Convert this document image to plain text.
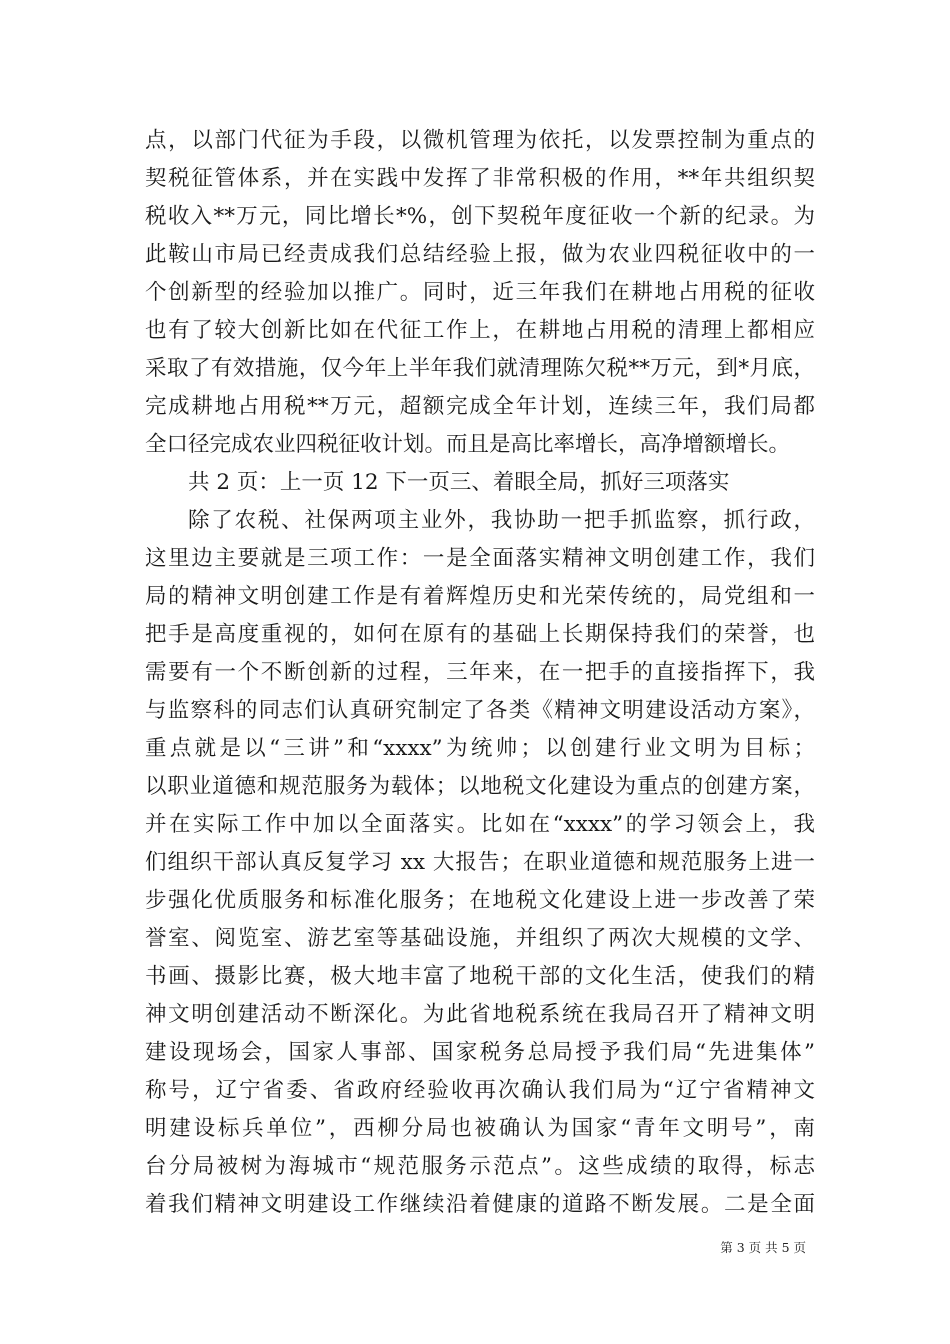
点，以部门代征为手段，以微机管理为依托，以发票控制为重点的
契税征管体系，并在实践中发挥了非常积极的作用，**年共组织契
税收入**万元，同比增长*%，创下契税年度征收一个新的纪录。为
此鞍山市局已经责成我们总结经验上报，做为农业四税征收中的一
个创新型的经验加以推广。同时，近三年我们在耕地占用税的征收
也有了较大创新比如在代征工作上，在耕地占用税的清理上都相应
采取了有效措施，仅今年上半年我们就清理陈欠税**万元，到*月底，
完成耕地占用税**万元，超额完成全年计划，连续三年，我们局都
全口径完成农业四税征收计划。而且是高比率增长，高净增额增长。
共 2 页：上一页 12 下一页三、着眼全局，抓好三项落实
除了农税、社保两项主业外，我协助一把手抓监察，抓行政，
这里边主要就是三项工作：一是全面落实精神文明创建工作，我们
局的精神文明创建工作是有着辉煌历史和光荣传统的，局党组和一
把手是高度重视的，如何在原有的基础上长期保持我们的荣誉，也
需要有一个不断创新的过程，三年来，在一把手的直接指挥下，我
与监察科的同志们认真研究制定了各类《精神文明建设活动方案》，
重点就是以“三讲”和“xxxx”为统帅；以创建行业文明为目标；
以职业道德和规范服务为载体；以地税文化建设为重点的创建方案，
并在实际工作中加以全面落实。比如在“xxxx”的学习领会上，我
们组织干部认真反复学习 xx 大报告；在职业道德和规范服务上进一
步强化优质服务和标准化服务；在地税文化建设上进一步改善了荣
誉室、阅览室、游艺室等基础设施，并组织了两次大规模的文学、
书画、摄影比赛，极大地丰富了地税干部的文化生活，使我们的精
神文明创建活动不断深化。为此省地税系统在我局召开了精神文明
建设现场会，国家人事部、国家税务总局授予我们局“先进集体”
称号，辽宁省委、省政府经验收再次确认我们局为“辽宁省精神文
明建设标兵单位”，西柳分局也被确认为国家“青年文明号”，南
台分局被树为海城市“规范服务示范点”。这些成绩的取得，标志
着我们精神文明建设工作继续沿着健康的道路不断发展。二是全面
第 3 页 共 5 页
